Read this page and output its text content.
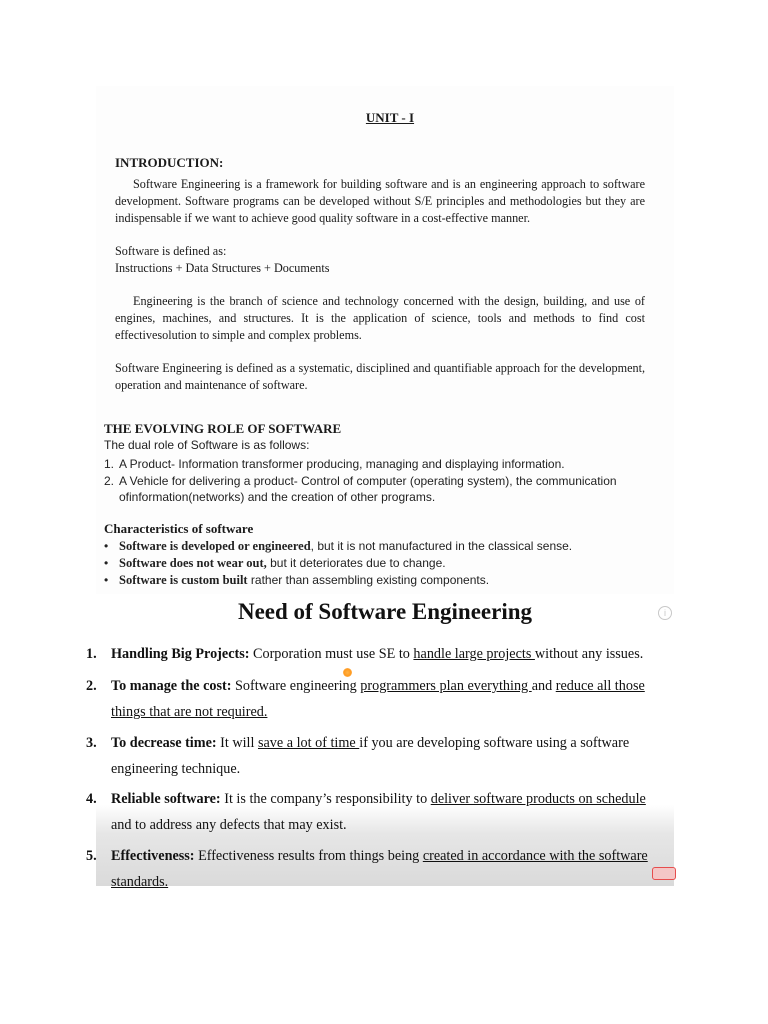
UNIT - I
INTRODUCTION:
Software Engineering is a framework for building software and is an engineering approach to software development. Software programs can be developed without S/E principles and methodologies but they are indispensable if we want to achieve good quality software in a cost-effective manner.
Software is defined as:
Instructions + Data Structures + Documents
Engineering is the branch of science and technology concerned with the design, building, and use of engines, machines, and structures. It is the application of science, tools and methods to find cost effectivesolution to simple and complex problems.
Software Engineering is defined as a systematic, disciplined and quantifiable approach for the development, operation and maintenance of software.
THE EVOLVING ROLE OF SOFTWARE
The dual role of Software is as follows:
1. A Product- Information transformer producing, managing and displaying information.
2. A Vehicle for delivering a product- Control of computer (operating system), the communication ofinformation(networks) and the creation of other programs.
Characteristics of software
• Software is developed or engineered, but it is not manufactured in the classical sense.
• Software does not wear out, but it deteriorates due to change.
• Software is custom built rather than assembling existing components.
Need of Software Engineering	i
1. Handling Big Projects: Corporation must use SE to handle large projects without any issues.
2. To manage the cost: Software engineering programmers plan everything and reduce all those
things that are not required.
3. To decrease time: It will save a lot of time if you are developing software using a software
engineering technique.
4. Reliable software: It is the company’s responsibility to deliver software products on schedule
and to address any defects that may exist.
5. Effectiveness: Effectiveness results from things being created in accordance with the software
standards.
